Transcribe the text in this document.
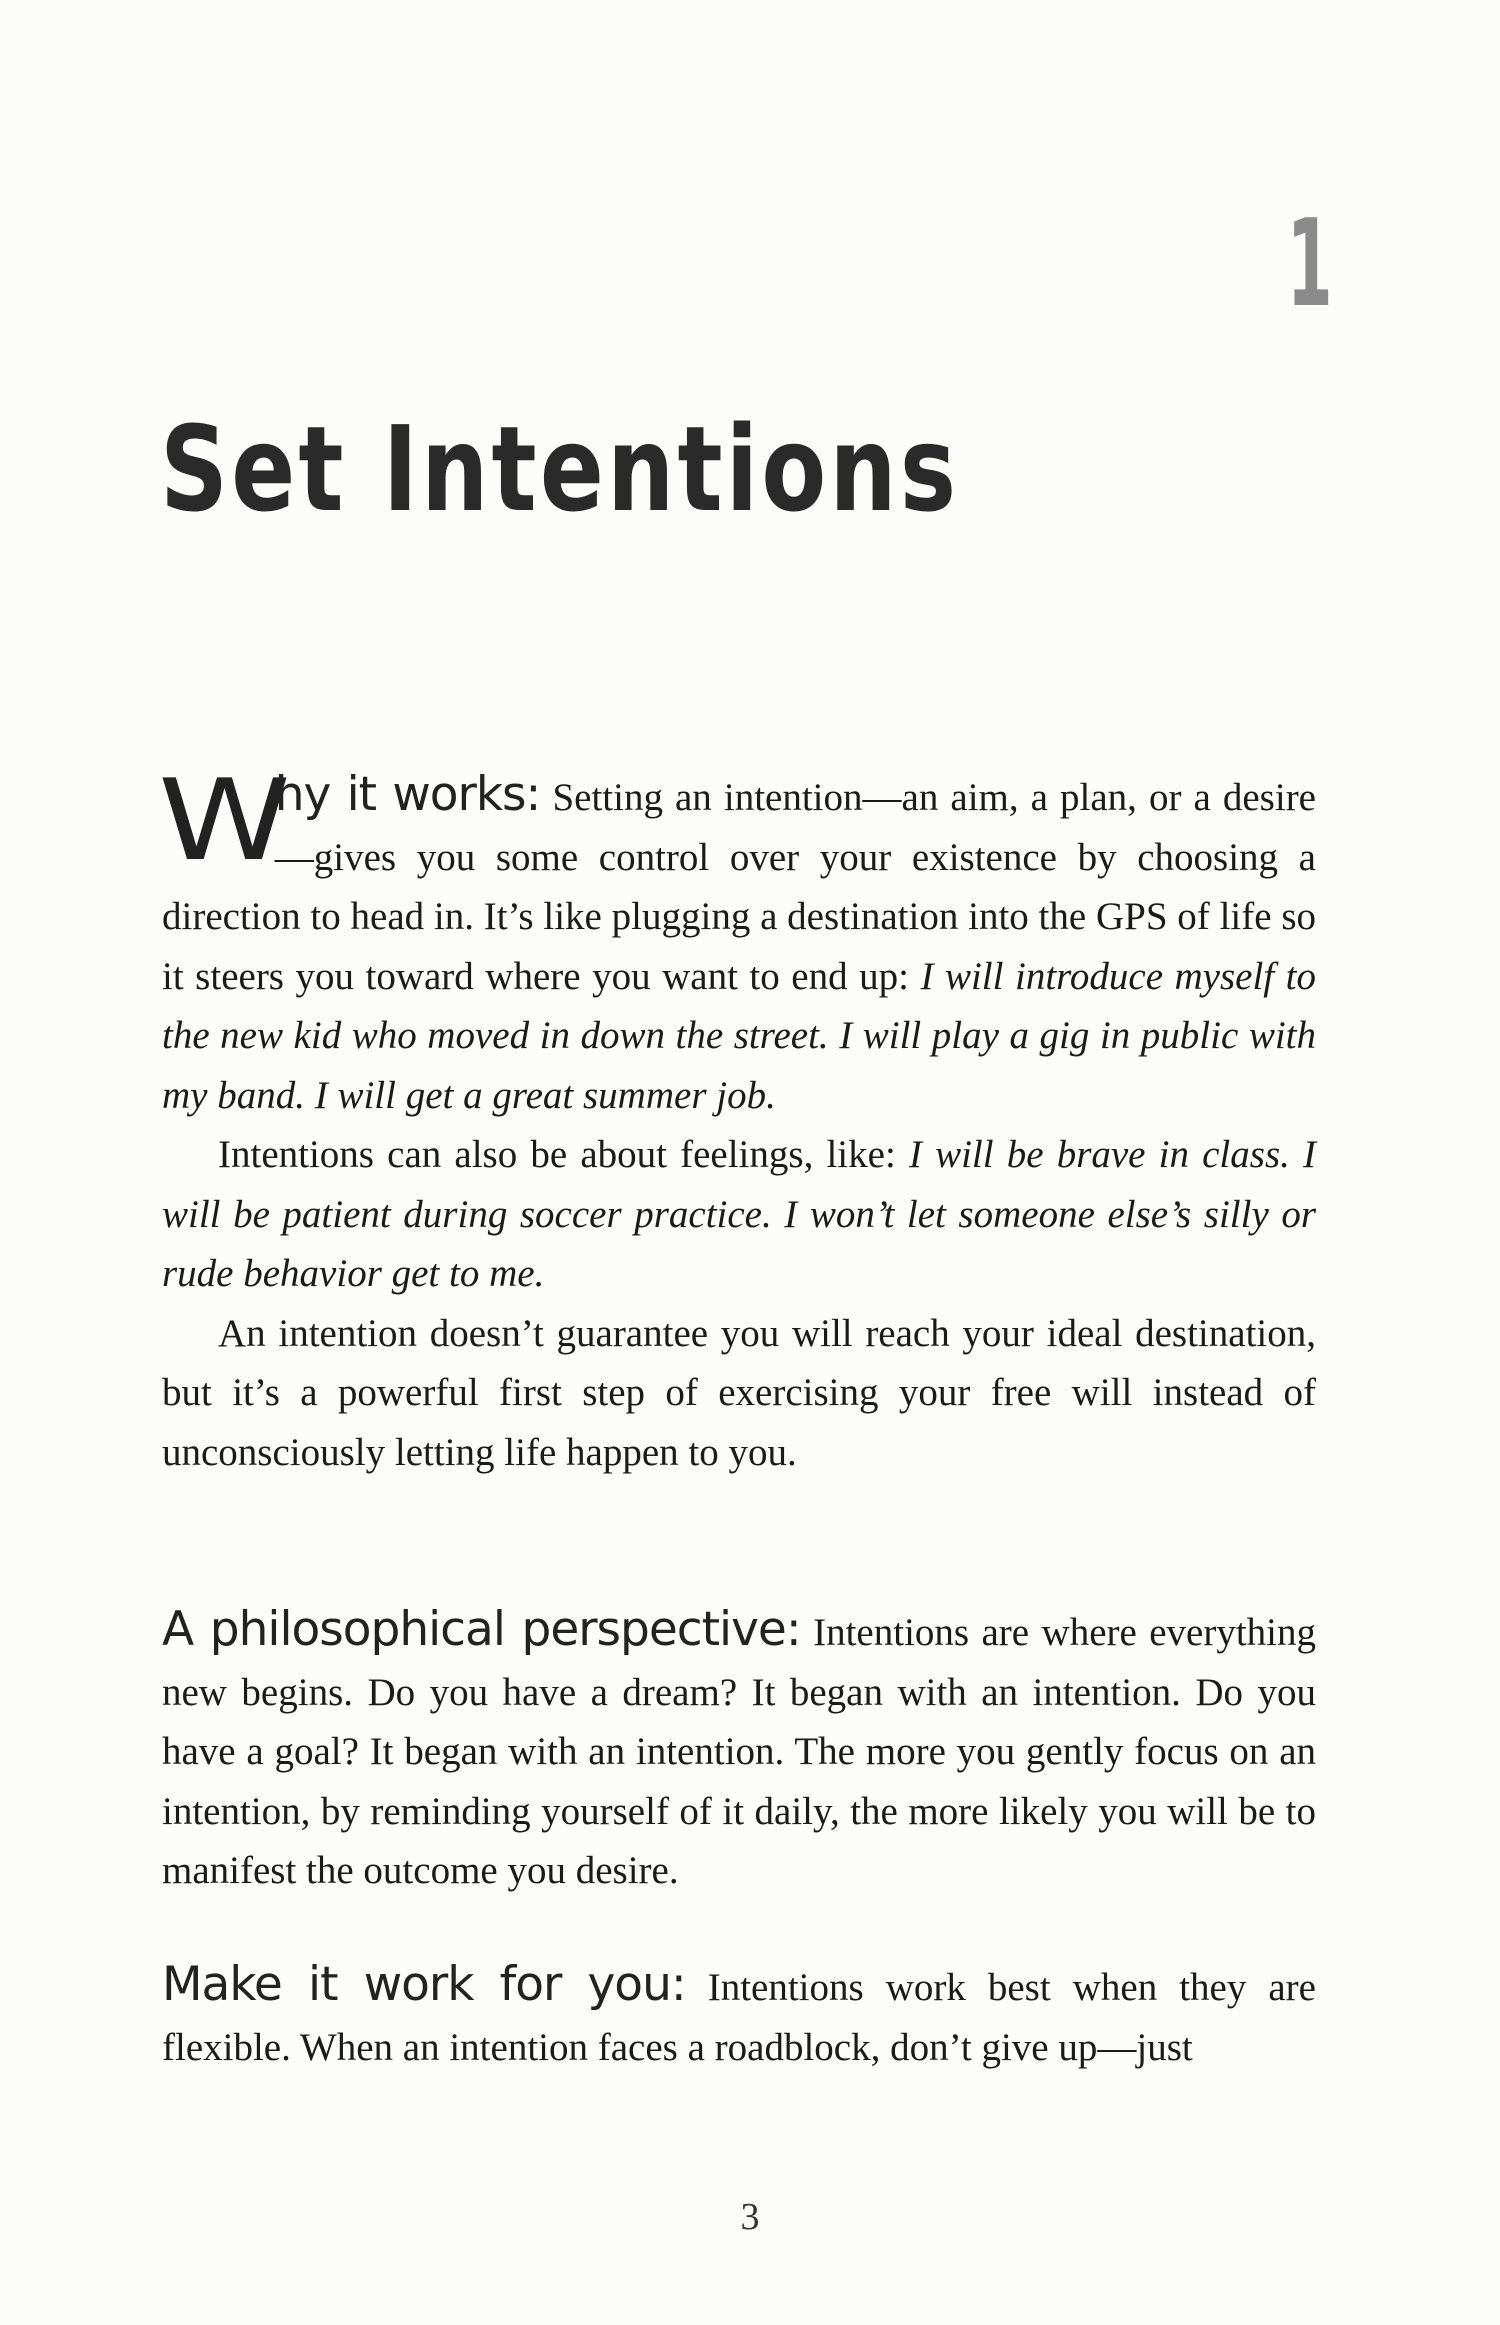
1
Set Intentions

W
hy it works: Setting an intention—an aim, a plan, or a desire—gives you some control over your existence by choosing a direction to head in. It’s like plugging a destination into the GPS of life so it steers you toward where you want to end up: I will introduce myself to the new kid who moved in down the street. I will play a gig in public with my band. I will get a great summer job.

Intentions can also be about feelings, like: I will be brave in class. I will be patient during soccer practice. I won’t let someone else’s silly or rude behavior get to me.

An intention doesn’t guarantee you will reach your ideal destination, but it’s a powerful first step of exercising your free will instead of unconsciously letting life happen to you.

A philosophical perspective: Intentions are where everything new begins. Do you have a dream? It began with an intention. Do you have a goal? It began with an intention. The more you gently focus on an intention, by reminding yourself of it daily, the more likely you will be to manifest the outcome you desire.

Make it work for you: Intentions work best when they are flexible. When an intention faces a roadblock, don’t give up—just

3
